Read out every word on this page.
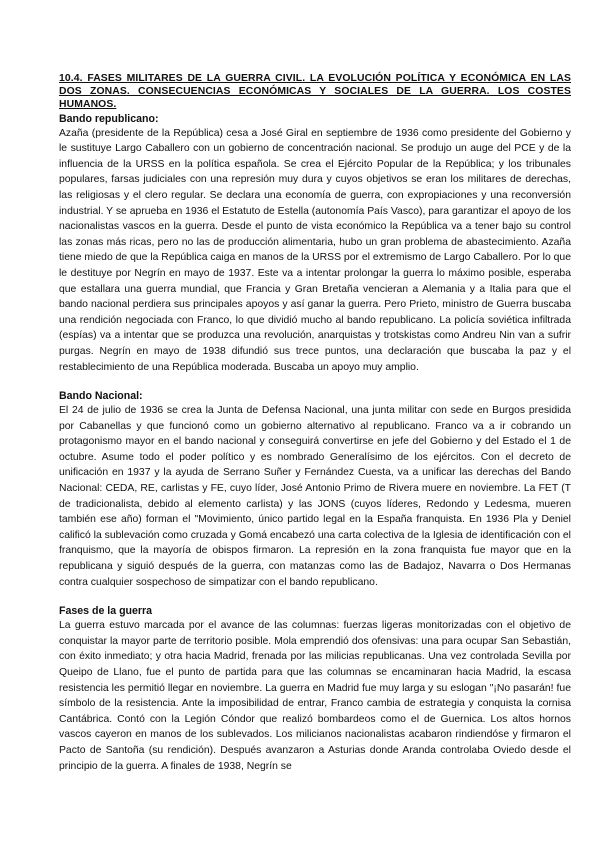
10.4. FASES MILITARES DE LA GUERRA CIVIL. LA EVOLUCIÓN POLÍTICA Y ECONÓMICA EN LAS DOS ZONAS. CONSECUENCIAS ECONÓMICAS Y SOCIALES DE LA GUERRA. LOS COSTES HUMANOS.

Bando republicano:

Azaña (presidente de la República) cesa a José Giral en septiembre de 1936 como presidente del Gobierno y le sustituye Largo Caballero con un gobierno de concentración nacional. Se produjo un auge del PCE y de la influencia de la URSS en la política española. Se crea el Ejército Popular de la República; y los tribunales populares, farsas judiciales con una represión muy dura y cuyos objetivos se eran los militares de derechas, las religiosas y el clero regular. Se declara una economía de guerra, con expropiaciones y una reconversión industrial. Y se aprueba en 1936 el Estatuto de Estella (autonomía País Vasco), para garantizar el apoyo de los nacionalistas vascos en la guerra. Desde el punto de vista económico la República va a tener bajo su control las zonas más ricas, pero no las de producción alimentaria, hubo un gran problema de abastecimiento. Azaña tiene miedo de que la República caiga en manos de la URSS por el extremismo de Largo Caballero. Por lo que le destituye por Negrín en mayo de 1937. Este va a intentar prolongar la guerra lo máximo posible, esperaba que estallara una guerra mundial, que Francia y Gran Bretaña vencieran a Alemania y a Italia para que el bando nacional perdiera sus principales apoyos y así ganar la guerra. Pero Prieto, ministro de Guerra buscaba una rendición negociada con Franco, lo que dividió mucho al bando republicano. La policía soviética infiltrada (espías) va a intentar que se produzca una revolución, anarquistas y trotskistas como Andreu Nin van a sufrir purgas. Negrín en mayo de 1938 difundió sus trece puntos, una declaración que buscaba la paz y el restablecimiento de una República moderada. Buscaba un apoyo muy amplio.

Bando Nacional:

El 24 de julio de 1936 se crea la Junta de Defensa Nacional, una junta militar con sede en Burgos presidida por Cabanellas y que funcionó como un gobierno alternativo al republicano. Franco va a ir cobrando un protagonismo mayor en el bando nacional y conseguirá convertirse en jefe del Gobierno y del Estado el 1 de octubre. Asume todo el poder político y es nombrado Generalísimo de los ejércitos. Con el decreto de unificación en 1937 y la ayuda de Serrano Suñer y Fernández Cuesta, va a unificar las derechas del Bando Nacional: CEDA, RE, carlistas y FE, cuyo líder, José Antonio Primo de Rivera muere en noviembre. La FET (T de tradicionalista, debido al elemento carlista) y las JONS (cuyos líderes, Redondo y Ledesma, mueren también ese año) forman el "Movimiento, único partido legal en la España franquista. En 1936 Pla y Deniel calificó la sublevación como cruzada y Gomá encabezó una carta colectiva de la Iglesia de identificación con el franquismo, que la mayoría de obispos firmaron. La represión en la zona franquista fue mayor que en la republicana y siguió después de la guerra, con matanzas como las de Badajoz, Navarra o Dos Hermanas contra cualquier sospechoso de simpatizar con el bando republicano.

Fases de la guerra

La guerra estuvo marcada por el avance de las columnas: fuerzas ligeras monitorizadas con el objetivo de conquistar la mayor parte de territorio posible. Mola emprendió dos ofensivas: una para ocupar San Sebastián, con éxito inmediato; y otra hacia Madrid, frenada por las milicias republicanas. Una vez controlada Sevilla por Queipo de Llano, fue el punto de partida para que las columnas se encaminaran hacia Madrid, la escasa resistencia les permitió llegar en noviembre. La guerra en Madrid fue muy larga y su eslogan "¡No pasarán! fue símbolo de la resistencia. Ante la imposibilidad de entrar, Franco cambia de estrategia y conquista la cornisa Cantábrica. Contó con la Legión Cóndor que realizó bombardeos como el de Guernica. Los altos hornos vascos cayeron en manos de los sublevados. Los milicianos nacionalistas acabaron rindiendóse y firmaron el Pacto de Santoña (su rendición). Después avanzaron a Asturias donde Aranda controlaba Oviedo desde el principio de la guerra. A finales de 1938, Negrín se
